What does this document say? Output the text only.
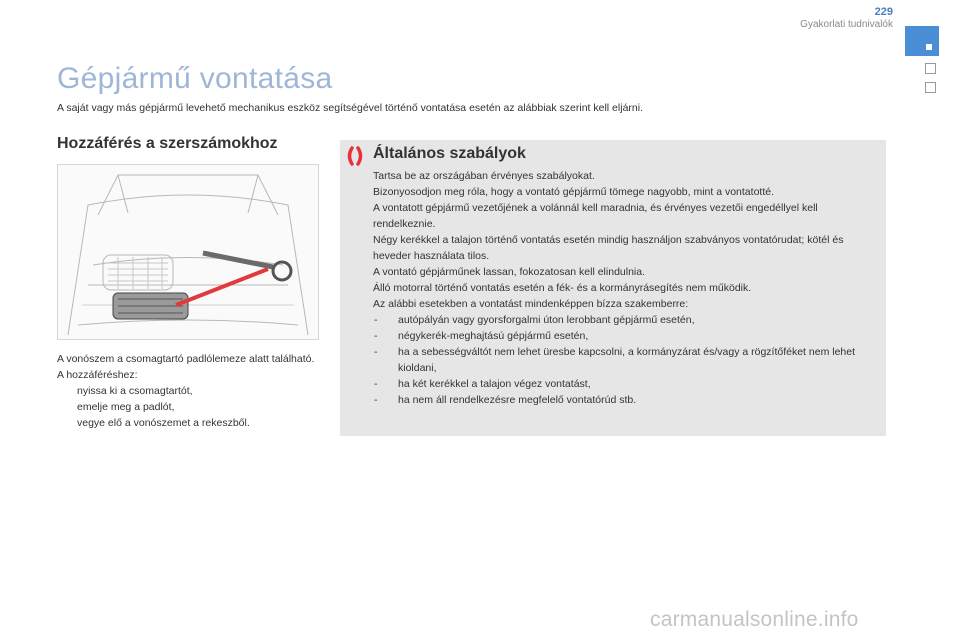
229
Gyakorlati tudnivalók
Gépjármű vontatása
A saját vagy más gépjármű levehető mechanikus eszköz segítségével történő vontatása esetén az alábbiak szerint kell eljárni.
Hozzáférés a szerszámokhoz
A vonószem a csomagtartó padlólemeze alatt található.
A hozzáféréshez:
nyissa ki a csomagtartót,
emelje meg a padlót,
vegye elő a vonószemet a rekeszből.
Általános szabályok
Tartsa be az országában érvényes szabályokat.
Bizonyosodjon meg róla, hogy a vontató gépjármű tömege nagyobb, mint a vontatotté.
A vontatott gépjármű vezetőjének a volánnál kell maradnia, és érvényes vezetői engedéllyel kell rendelkeznie.
Négy kerékkel a talajon történő vontatás esetén mindig használjon szabványos vontatórudat; kötél és heveder használata tilos.
A vontató gépjárműnek lassan, fokozatosan kell elindulnia.
Álló motorral történő vontatás esetén a fék- és a kormányrásegítés nem működik.
Az alábbi esetekben a vontatást mindenképpen bízza szakemberre:
- autópályán vagy gyorsforgalmi úton lerobbant gépjármű esetén,
- négykerék-meghajtású gépjármű esetén,
- ha a sebességváltót nem lehet üresbe kapcsolni, a kormányzárat és/vagy a rögzítőféket nem lehet kioldani,
- ha két kerékkel a talajon végez vontatást,
- ha nem áll rendelkezésre megfelelő vontatórúd stb.
carmanualsonline.info
